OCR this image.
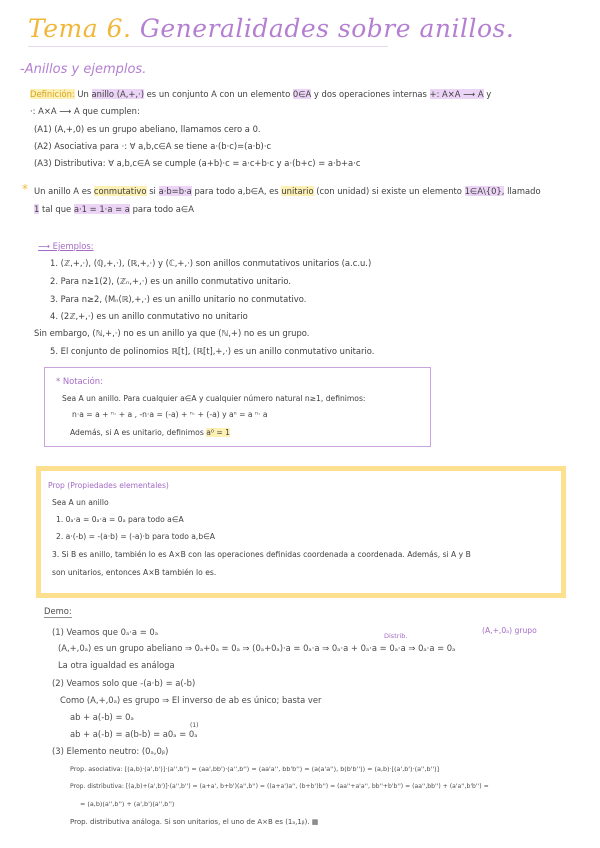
Tema 6. Generalidades sobre anillos.
-Anillos y ejemplos.
Definición: Un anillo (A,+,·) es un conjunto A con un elemento 0∈A y dos operaciones internas +: A×A ⟶ A y
·: A×A ⟶ A que cumplen:
(A1) (A,+,0) es un grupo abeliano, llamamos cero a 0.
(A2) Asociativa para ·: ∀ a,b,c∈A se tiene a·(b·c)=(a·b)·c
(A3) Distributiva: ∀ a,b,c∈A se cumple (a+b)·c = a·c+b·c y a·(b+c) = a·b+a·c
* Un anillo A es conmutativo si a·b=b·a para todo a,b∈A, es unitario (con unidad) si existe un elemento 1∈A\{0}, llamado
1 tal que a·1 = 1·a = a para todo a∈A
⟶ Ejemplos:
1. (ℤ,+,·), (ℚ,+,·), (ℝ,+,·) y (ℂ,+,·) son anillos conmutativos unitarios (a.c.u.)
2. Para n≥1(2), (ℤₙ,+,·) es un anillo conmutativo unitario.
3. Para n≥2, (Mₙ(ℝ),+,·) es un anillo unitario no conmutativo.
4. (2ℤ,+,·) es un anillo conmutativo no unitario
Sin embargo, (ℕ,+,·) no es un anillo ya que (ℕ,+) no es un grupo.
5. El conjunto de polinomios ℝ[t], (ℝ[t],+,·) es un anillo conmutativo unitario.
* Notación:
Sea A un anillo. Para cualquier a∈A y cualquier número natural n≥1, definimos:
n·a = a + ⁿ· + a , -n·a = (-a) + ⁿ· + (-a) y aⁿ = a ⁿ· a
Además, si A es unitario, definimos a⁰ = 1
Prop (Propiedades elementales)
Sea A un anillo
1. 0ₐ·a = 0ₐ·a = 0ₐ para todo a∈A
2. a·(-b) = -(a·b) = (-a)·b para todo a,b∈A
3. Si B es anillo, también lo es A×B con las operaciones definidas coordenada a coordenada. Además, si A y B
son unitarios, entonces A×B también lo es.
Demo:
(A,+,0ₐ) grupo
Distrib.
(1) Veamos que 0ₐ·a = 0ₐ
(A,+,0ₐ) es un grupo abeliano ⇒ 0ₐ+0ₐ = 0ₐ ⇒ (0ₐ+0ₐ)·a = 0ₐ·a ⇒ 0ₐ·a + 0ₐ·a = 0ₐ·a ⇒ 0ₐ·a = 0ₐ
La otra igualdad es análoga
(2) Veamos solo que -(a·b) = a(-b)
Como (A,+,0ₐ) es grupo ⇒ El inverso de ab es único; basta ver
ab + a(-b) = 0ₐ
(1)
ab + a(-b) = a(b-b) = a0ₐ = 0ₐ
(3) Elemento neutro: (0ₐ,0ᵦ)
Prop. asociativa: [(a,b)·(a',b')]·(a'',b'') = (aa',bb')·(a'',b'') = (aa'a'', bb'b'') = (a(a'a''), b(b'b'')) = (a,b)·[(a',b')·(a'',b'')]
Prop. distributiva: [(a,b)+(a',b')]·(a'',b'') = (a+a', b+b')(a'',b'') = ((a+a')a'', (b+b')b'') = (aa''+a'a'', bb''+b'b'') = (aa'',bb'') + (a'a'',b'b'') =
= (a,b)(a'',b'') + (a',b')(a'',b'')
Prop. distributiva análoga. Si son unitarios, el uno de A×B es (1ₐ,1ᵦ). ▦
